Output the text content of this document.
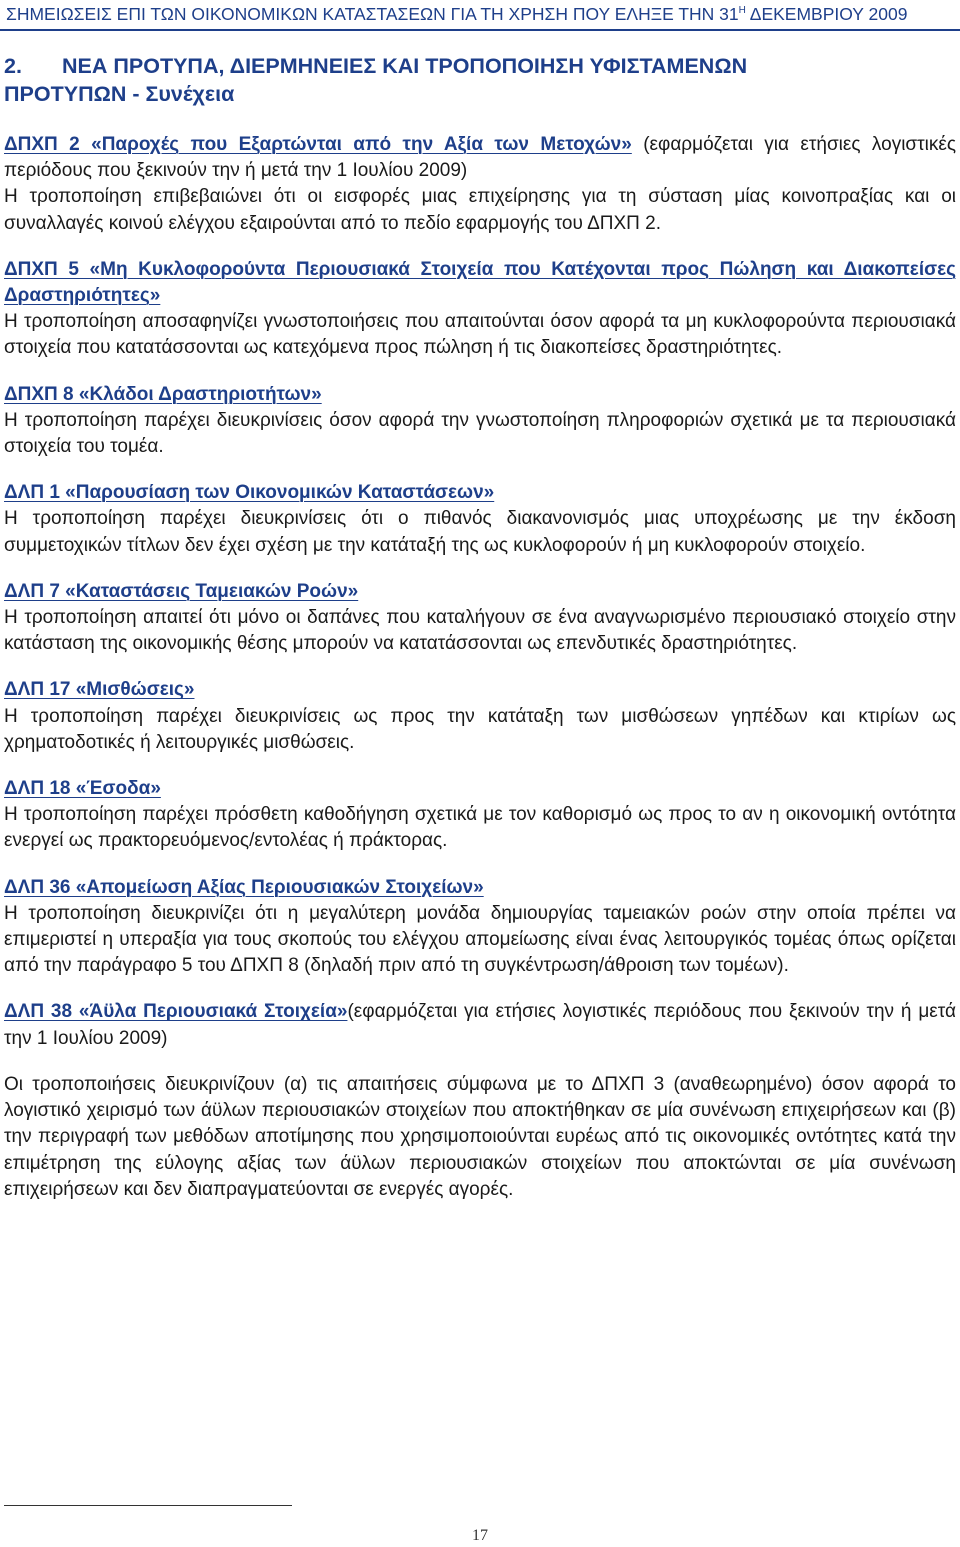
ΣΗΜΕΙΩΣΕΙΣ ΕΠΙ ΤΩΝ ΟΙΚΟΝΟΜΙΚΩΝ ΚΑΤΑΣΤΑΣΕΩΝ ΓΙΑ ΤΗ ΧΡΗΣΗ ΠΟΥ ΕΛΗΞΕ ΤΗΝ $31^H$ ΔΕΚΕΜΒΡΙΟΥ 2009
2. ΝΕΑ ΠΡΟΤΥΠΑ, ΔΙΕΡΜΗΝΕΙΕΣ ΚΑΙ ΤΡΟΠΟΠΟΙΗΣΗ ΥΦΙΣΤΑΜΕΝΩΝ
ΠΡΟΤΥΠΩΝ - Συνέχεια
ΔΠΧΠ 2 «Παροχές που Εξαρτώνται από την Αξία των Μετοχών» (εφαρμόζεται για ετήσιες λογιστικές περιόδους που ξεκινούν την ή μετά την 1 Ιουλίου 2009)
Η τροποποίηση επιβεβαιώνει ότι οι εισφορές μιας επιχείρησης για τη σύσταση μίας κοινοπραξίας και οι συναλλαγές κοινού ελέγχου εξαιρούνται από το πεδίο εφαρμογής του ΔΠΧΠ 2.
ΔΠΧΠ 5 «Μη Κυκλοφορούντα Περιουσιακά Στοιχεία που Κατέχονται προς Πώληση και Διακοπείσες Δραστηριότητες»
Η τροποποίηση αποσαφηνίζει γνωστοποιήσεις που απαιτούνται όσον αφορά τα μη κυκλοφορούντα περιουσιακά στοιχεία που κατατάσσονται ως κατεχόμενα προς πώληση ή τις διακοπείσες δραστηριότητες.
ΔΠΧΠ 8 «Κλάδοι Δραστηριοτήτων»
Η τροποποίηση παρέχει διευκρινίσεις όσον αφορά την γνωστοποίηση πληροφοριών σχετικά με τα περιουσιακά στοιχεία του τομέα.
ΔΛΠ 1 «Παρουσίαση των Οικονομικών Καταστάσεων»
Η τροποποίηση παρέχει διευκρινίσεις ότι ο πιθανός διακανονισμός μιας υποχρέωσης με την έκδοση συμμετοχικών τίτλων δεν έχει σχέση με την κατάταξή της ως κυκλοφορούν ή μη κυκλοφορούν στοιχείο.
ΔΛΠ 7 «Καταστάσεις Ταμειακών Ροών»
Η τροποποίηση απαιτεί ότι μόνο οι δαπάνες που καταλήγουν σε ένα αναγνωρισμένο περιουσιακό στοιχείο στην κατάσταση της οικονομικής θέσης μπορούν να κατατάσσονται ως επενδυτικές δραστηριότητες.
ΔΛΠ 17 «Μισθώσεις»
Η τροποποίηση παρέχει διευκρινίσεις ως προς την κατάταξη των μισθώσεων γηπέδων και κτιρίων ως χρηματοδοτικές ή λειτουργικές μισθώσεις.
ΔΛΠ 18 «Έσοδα»
Η τροποποίηση παρέχει πρόσθετη καθοδήγηση σχετικά με τον καθορισμό ως προς το αν η οικονομική οντότητα ενεργεί ως πρακτορευόμενος/εντολέας ή πράκτορας.
ΔΛΠ 36 «Απομείωση Αξίας Περιουσιακών Στοιχείων»
Η τροποποίηση διευκρινίζει ότι η μεγαλύτερη μονάδα δημιουργίας ταμειακών ροών στην οποία πρέπει να επιμεριστεί η υπεραξία για τους σκοπούς του ελέγχου απομείωσης είναι ένας λειτουργικός τομέας όπως ορίζεται από την παράγραφο 5 του ΔΠΧΠ 8 (δηλαδή πριν από τη συγκέντρωση/άθροιση των τομέων).
ΔΛΠ 38 «Άϋλα Περιουσιακά Στοιχεία»(εφαρμόζεται για ετήσιες λογιστικές περιόδους που ξεκινούν την ή μετά την 1 Ιουλίου 2009)
Οι τροποποιήσεις διευκρινίζουν (α) τις απαιτήσεις σύμφωνα με το ΔΠΧΠ 3 (αναθεωρημένο) όσον αφορά το λογιστικό χειρισμό των άϋλων περιουσιακών στοιχείων που αποκτήθηκαν σε μία συνένωση επιχειρήσεων και (β) την περιγραφή των μεθόδων αποτίμησης που χρησιμοποιούνται ευρέως από τις οικονομικές οντότητες κατά την επιμέτρηση της εύλογης αξίας των άϋλων περιουσιακών στοιχείων που αποκτώνται σε μία συνένωση επιχειρήσεων και δεν διαπραγματεύονται σε ενεργές αγορές.
17
